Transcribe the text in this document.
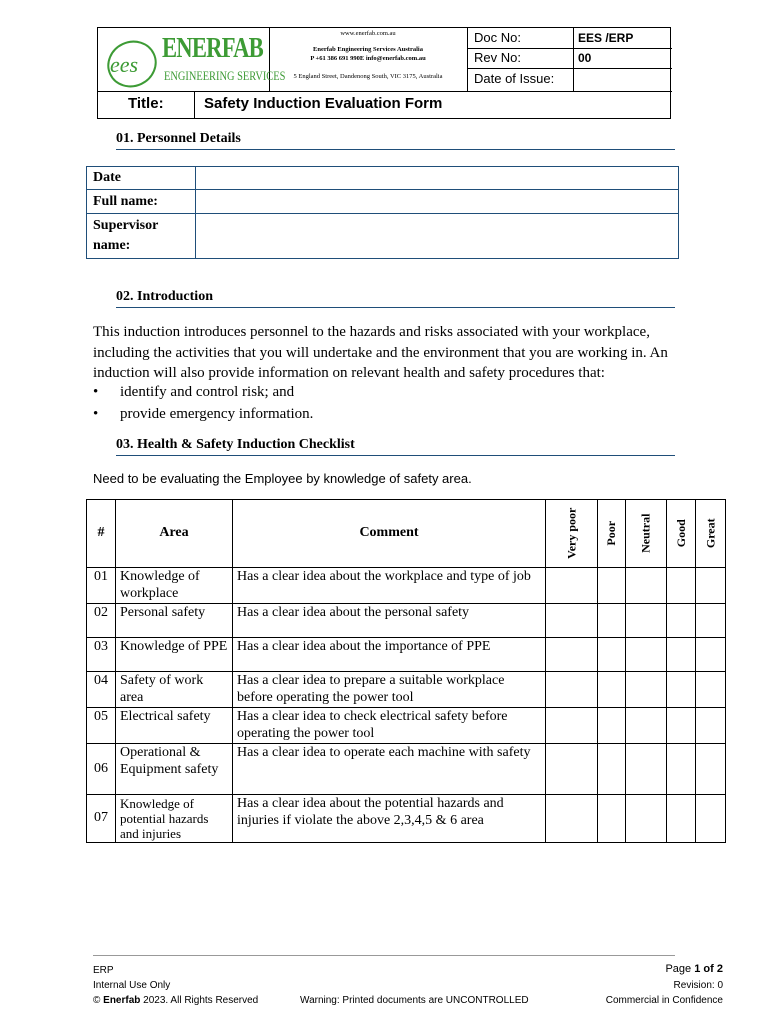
ees
ENERFAB
ENGINEERING SERVICES
www.enerfab.com.au
Enerfab Engineering Services Australia
P +61 386 691 990E info@enerfab.com.au
5 England Street, Dandenong South, VIC 3175, Australia
Doc No:	EES /ERP
Rev No:	00
Date of Issue:
Title:	Safety Induction Evaluation Form
01. Personnel Details
Date	
Full name:	
Supervisor name:	
02. Introduction
This induction introduces personnel to the hazards and risks associated with your workplace, including the activities that you will undertake and the environment that you are working in. An induction will also provide information on relevant health and safety procedures that:
• identify and control risk; and
• provide emergency information.
03. Health & Safety Induction Checklist
Need to be evaluating the Employee by knowledge of safety area.
#	Area	Comment	Very poor	Poor	Neutral	Good	Great
01	Knowledge of workplace	Has a clear idea about the workplace and type of job					
02	Personal safety	Has a clear idea about the personal safety					
03	Knowledge of PPE	Has a clear idea about the importance of PPE					
04	Safety of work area	Has a clear idea to prepare a suitable workplace before operating the power tool					
05	Electrical safety	Has a clear idea to check electrical safety before operating the power tool					
06	Operational & Equipment safety	Has a clear idea to operate each machine with safety					
07	Knowledge of potential hazards and injuries	Has a clear idea about the potential hazards and injuries if violate the above 2,3,4,5 & 6 area					
ERP	Page 1 of 2
Internal Use Only	Revision: 0
© Enerfab 2023. All Rights Reserved	Warning: Printed documents are UNCONTROLLED	Commercial in Confidence
